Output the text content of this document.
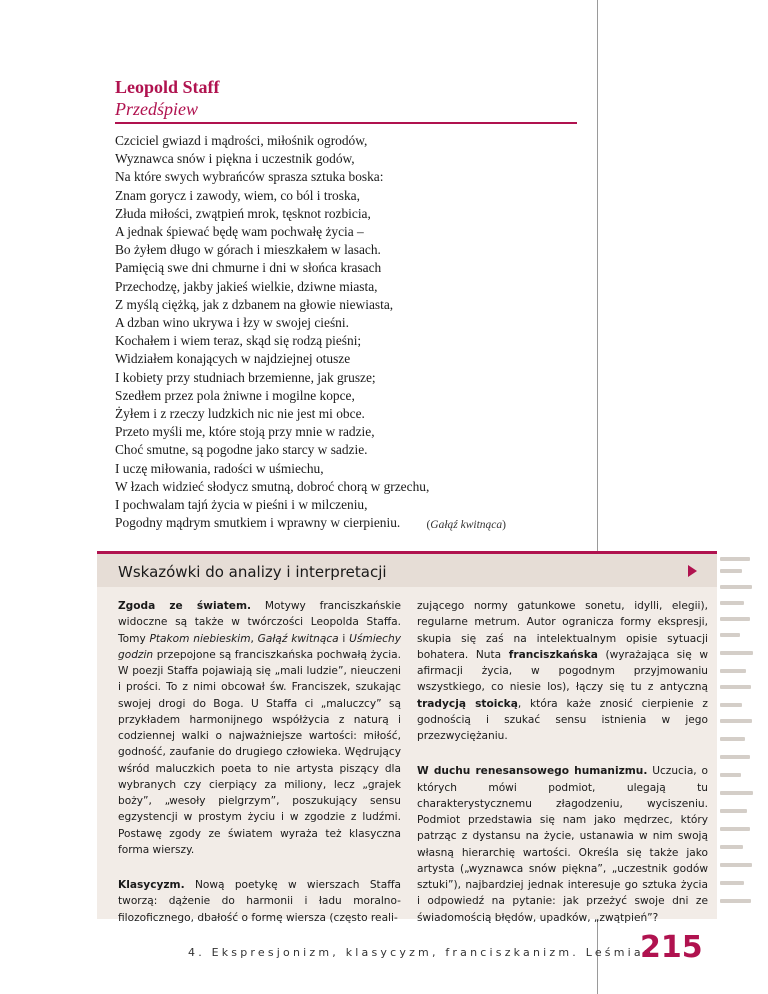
Leopold Staff
Przedśpiew
Czciciel gwiazd i mądrości, miłośnik ogrodów,
Wyznawca snów i piękna i uczestnik godów,
Na które swych wybrańców sprasza sztuka boska:
Znam gorycz i zawody, wiem, co ból i troska,
Złuda miłości, zwątpień mrok, tęsknot rozbicia,
A jednak śpiewać będę wam pochwałę życia –
Bo żyłem długo w górach i mieszkałem w lasach.
Pamięcią swe dni chmurne i dni w słońca krasach
Przechodzę, jakby jakieś wielkie, dziwne miasta,
Z myślą ciężką, jak z dzbanem na głowie niewiasta,
A dzban wino ukrywa i łzy w swojej cieśni.
Kochałem i wiem teraz, skąd się rodzą pieśni;
Widziałem konających w najdziejnej otusze
I kobiety przy studniach brzemienne, jak grusze;
Szedłem przez pola żniwne i mogilne kopce,
Żyłem i z rzeczy ludzkich nic nie jest mi obce.
Przeto myśli me, które stoją przy mnie w radzie,
Choć smutne, są pogodne jako starcy w sadzie.
I uczę miłowania, radości w uśmiechu,
W łzach widzieć słodycz smutną, dobroć chorą w grzechu,
I pochwalam tajń życia w pieśni i w milczeniu,
Pogodny mądrym smutkiem i wprawny w cierpieniu.	(Gałąź kwitnąca)
Wskazówki do analizy i interpretacji

Zgoda ze światem. Motywy franciszkańskie widoczne są także w twórczości Leopolda Staffa. Tomy Ptakom niebieskim, Gałąź kwitnąca i Uśmiechy godzin przepojone są franciszkańska pochwałą życia. W poezji Staffa pojawiają się „mali ludzie”, nieuczeni i prości. To z nimi obcował św. Franciszek, szukając swojej drogi do Boga. U Staffa ci „maluczcy” są przykładem harmonijnego współżycia z naturą i codziennej walki o najważniejsze wartości: miłość, godność, zaufanie do drugiego człowieka. Wędrujący wśród maluczkich poeta to nie artysta piszący dla wybranych czy cierpiący za miliony, lecz „grajek boży”, „wesoły pielgrzym”, poszukujący sensu egzystencji w prostym życiu i w zgodzie z ludźmi. Postawę zgody ze światem wyraża też klasyczna forma wierszy.

Klasycyzm. Nową poetykę w wierszach Staffa tworzą: dążenie do harmonii i ładu moralno-filozoficznego, dbałość o formę wiersza (często reali-

zującego normy gatunkowe sonetu, idylli, elegii), regularne metrum. Autor ogranicza formy ekspresji, skupia się zaś na intelektualnym opisie sytuacji bohatera. Nuta franciszkańska (wyrażająca się w afirmacji życia, w pogodnym przyjmowaniu wszystkiego, co niesie los), łączy się tu z antyczną tradycją stoicką, która każe znosić cierpienie z godnością i szukać sensu istnienia w jego przezwyciężaniu.

W duchu renesansowego humanizmu. Uczucia, o których mówi podmiot, ulegają tu charakterystycznemu złagodzeniu, wyciszeniu. Podmiot przedstawia się nam jako mędrzec, który patrząc z dystansu na życie, ustanawia w nim swoją własną hierarchię wartości. Określa się także jako artysta („wyznawca snów piękna”, „uczestnik godów sztuki”), najbardziej jednak interesuje go sztuka życia i odpowiedź na pytanie: jak przeżyć swoje dni ze świadomością błędów, upadków, „zwątpień”?

4. Ekspresjonizm, klasycyzm, franciszkanizm. Leśmian
215
